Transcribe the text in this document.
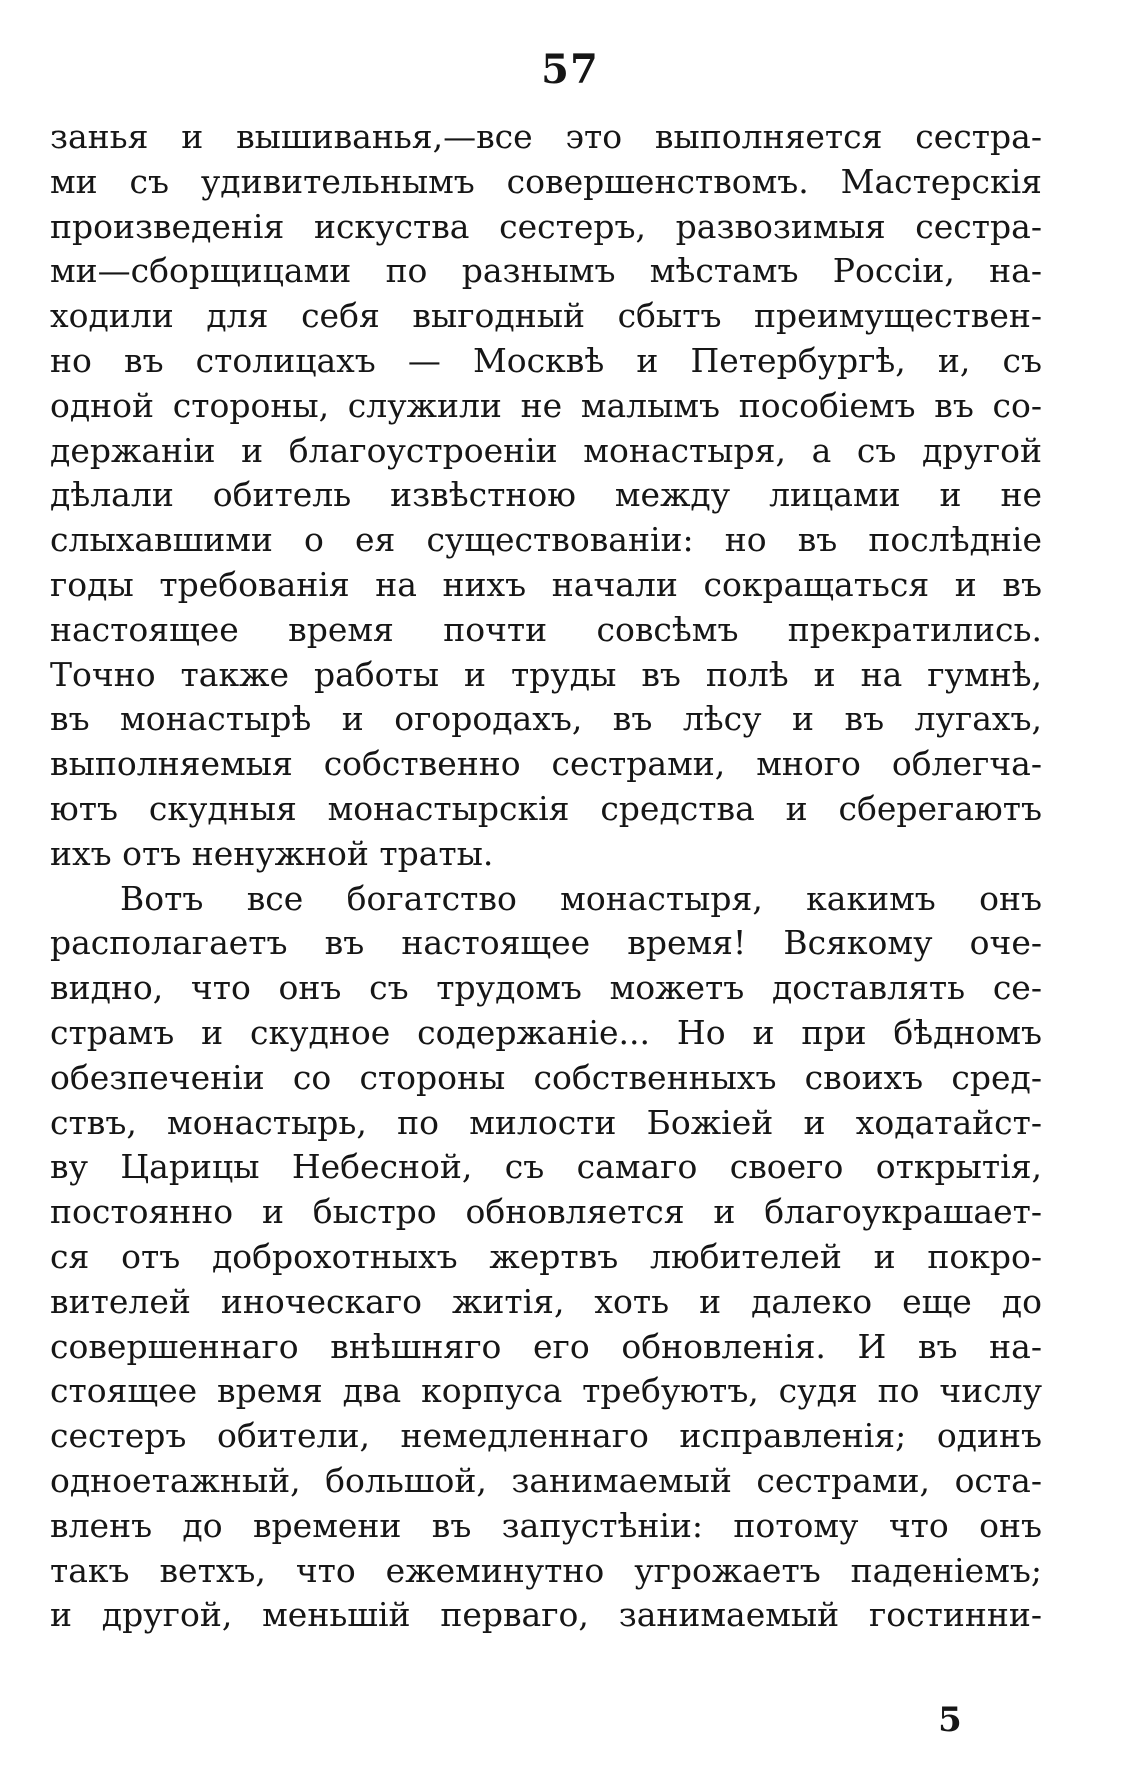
57
занья и вышиванья,—все это выполняется сестра-
ми съ удивительнымъ совершенствомъ. Мастерскія
произведенія искуства сестеръ, развозимыя сестра-
ми—сборщицами по разнымъ мѣстамъ Россіи, на-
ходили для себя выгодный сбытъ преимуществен-
но въ столицахъ — Москвѣ и Петербургѣ, и, съ
одной стороны, служили не малымъ пособіемъ въ со-
держаніи и благоустроеніи монастыря, а съ другой
дѣлали обитель извѣстною между лицами и не
слыхавшими о ея существованіи: но въ послѣдніе
годы требованія на нихъ начали сокращаться и въ
настоящее время почти совсѣмъ прекратились.
Точно также работы и труды въ полѣ и на гумнѣ,
въ монастырѣ и огородахъ, въ лѣсу и въ лугахъ,
выполняемыя собственно сестрами, много облегча-
ютъ скудныя монастырскія средства и сберегаютъ
ихъ отъ ненужной траты.
Вотъ все богатство монастыря, какимъ онъ
располагаетъ въ настоящее время! Всякому оче-
видно, что онъ съ трудомъ можетъ доставлять се-
страмъ и скудное содержаніе... Но и при бѣдномъ
обезпеченіи со стороны собственныхъ своихъ сред-
ствъ, монастырь, по милости Божіей и ходатайст-
ву Царицы Небесной, съ самаго своего открытія,
постоянно и быстро обновляется и благоукрашает-
ся отъ доброхотныхъ жертвъ любителей и покро-
вителей иноческаго житія, хоть и далеко еще до
совершеннаго внѣшняго его обновленія. И въ на-
стоящее время два корпуса требуютъ, судя по числу
сестеръ обители, немедленнаго исправленія; одинъ
одноетажный, большой, занимаемый сестрами, оста-
вленъ до времени въ запустѣніи: потому что онъ
такъ ветхъ, что ежеминутно угрожаетъ паденіемъ;
и другой, меньшій перваго, занимаемый гостинни-
5
